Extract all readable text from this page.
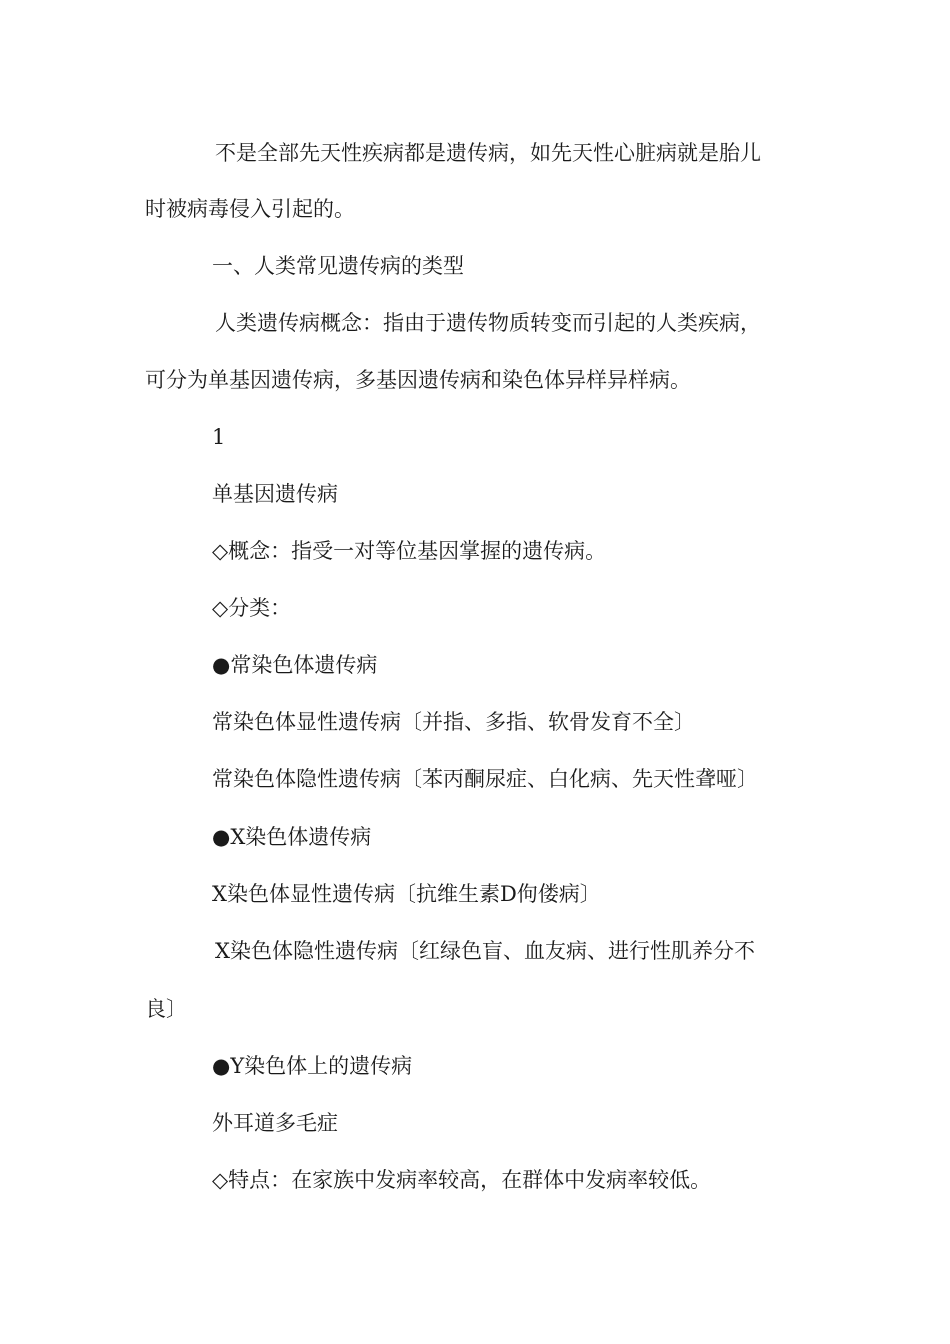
不是全部先天性疾病都是遗传病，如先天性心脏病就是胎儿
时被病毒侵入引起的。
一、人类常见遗传病的类型
人类遗传病概念：指由于遗传物质转变而引起的人类疾病，
可分为单基因遗传病，多基因遗传病和染色体异样异样病。
1
单基因遗传病
◇概念：指受一对等位基因掌握的遗传病。
◇分类：
●常染色体遗传病
常染色体显性遗传病〔并指、多指、软骨发育不全〕
常染色体隐性遗传病〔苯丙酮尿症、白化病、先天性聋哑〕
●X染色体遗传病
X染色体显性遗传病〔抗维生素D佝偻病〕
X染色体隐性遗传病〔红绿色盲、血友病、进行性肌养分不
良〕
●Y染色体上的遗传病
外耳道多毛症
◇特点：在家族中发病率较高，在群体中发病率较低。
